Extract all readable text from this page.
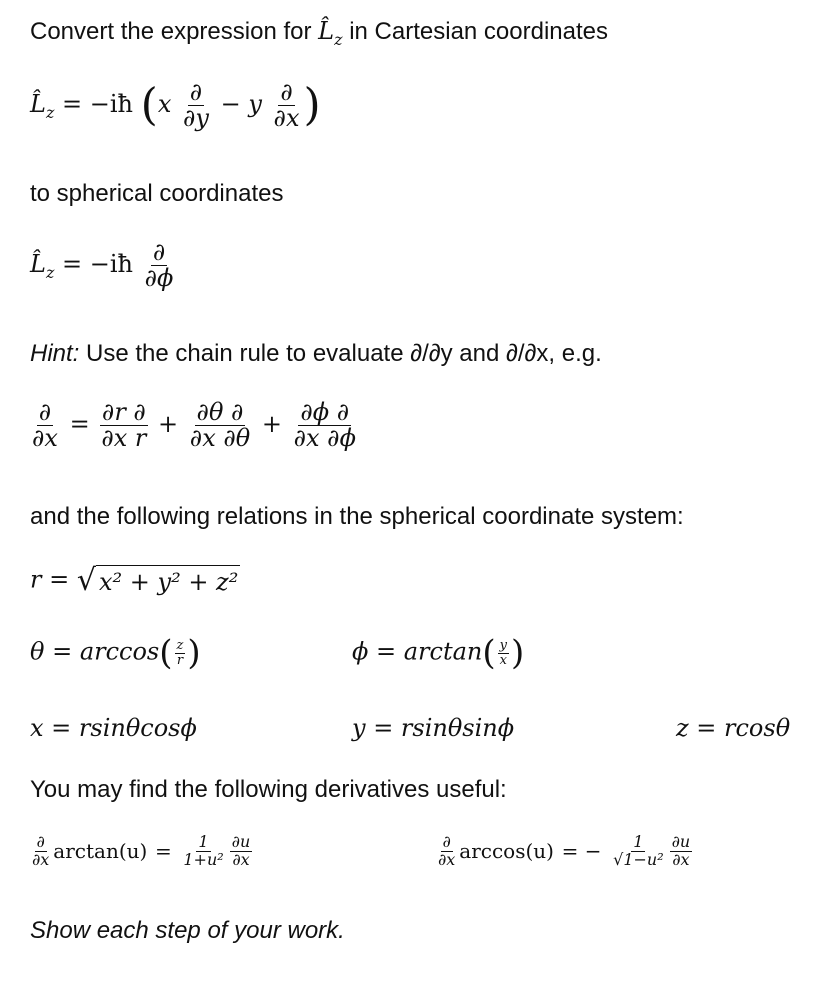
Convert the expression for $L̂_z$ in Cartesian coordinates
$L̂_z$ = −iħ ($x \frac{\partial}{\partial y} - y \frac{\partial}{\partial x}$ )
to spherical coordinates
$L̂_z$ = −iħ $\frac{\partial}{\partial\phi}$
Hint: Use the chain rule to evaluate ∂/∂y and ∂/∂x, e.g.
$\frac{\partial}{\partial x} = \frac{\partial r \partial}{\text{∂x r}} + \frac{\partial\theta \partial}{\partial x \partial\theta} + \frac{\partial\phi \partial}{\partial x \partial\phi}$
and the following relations in the spherical coordinate system:
r = √ x² + y² + z²
$\theta = \arccos( \frac{z}{r}$ )	$\phi = \arctan( \frac{y}{x}$ )
x = rsinθcosϕ	y = rsinθsinϕ	z = rcosθ
You may find the following derivatives useful:
$\frac{\partial}{\partial x} \arctan(u) = \frac{1}{\text{1+u²}} \frac{\partial u}{\partial x}$	$\frac{\partial}{\partial x} \arccos(u)$ = − $\frac{1}{\text{√1−u²}} \frac{\partial u}{\partial x}$
Show each step of your work.
